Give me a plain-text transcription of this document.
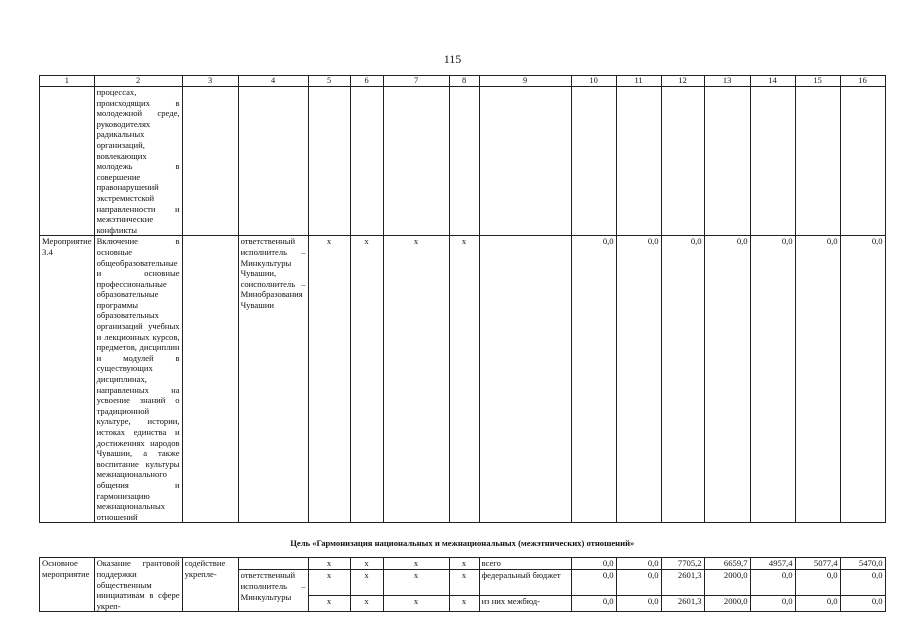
115
1	2	3	4	5	6	7	8	9	10	11	12	13	14	15	16
	процессах, происходящих в молодежной среде, руководителях радикальных организаций, вовлекающих молодежь в совершение правонарушений экстремистской направленности и межэтнические конфликты														
Мероприятие 3.4	Включение в основные общеобразовательные и основные профессиональные образовательные программы образовательных организаций учебных и лекционных курсов, предметов, дисциплин и модулей в существующих дисциплинах, направленных на усвоение знаний о традиционной культуре, истории, истоках единства и достижениях народов Чувашии, а также воспитание культуры межнационального общения и гармонизацию межнациональных отношений		ответственный исполнитель – Минкультуры Чувашии, соисполнитель – Минобразования Чувашии	x	x	x	x		0,0	0,0	0,0	0,0	0,0	0,0	0,0
Цель «Гармонизация национальных и межнациональных (межэтнических) отношений»															
Основное мероприятие	Оказание грантовой поддержки общественным инициативам в сфере укреп-	содействие укрепле-		x	x	x	x	всего	0,0	0,0	7705,2	6659,7	4957,4	5077,4	5470,0
			ответственный исполнитель – Минкультуры	x	x	x	x	федеральный бюджет	0,0	0,0	2601,3	2000,0	0,0	0,0	0,0
				x	x	x	x	из них межбюд-	0,0	0,0	2601,3	2000,0	0,0	0,0	0,0
